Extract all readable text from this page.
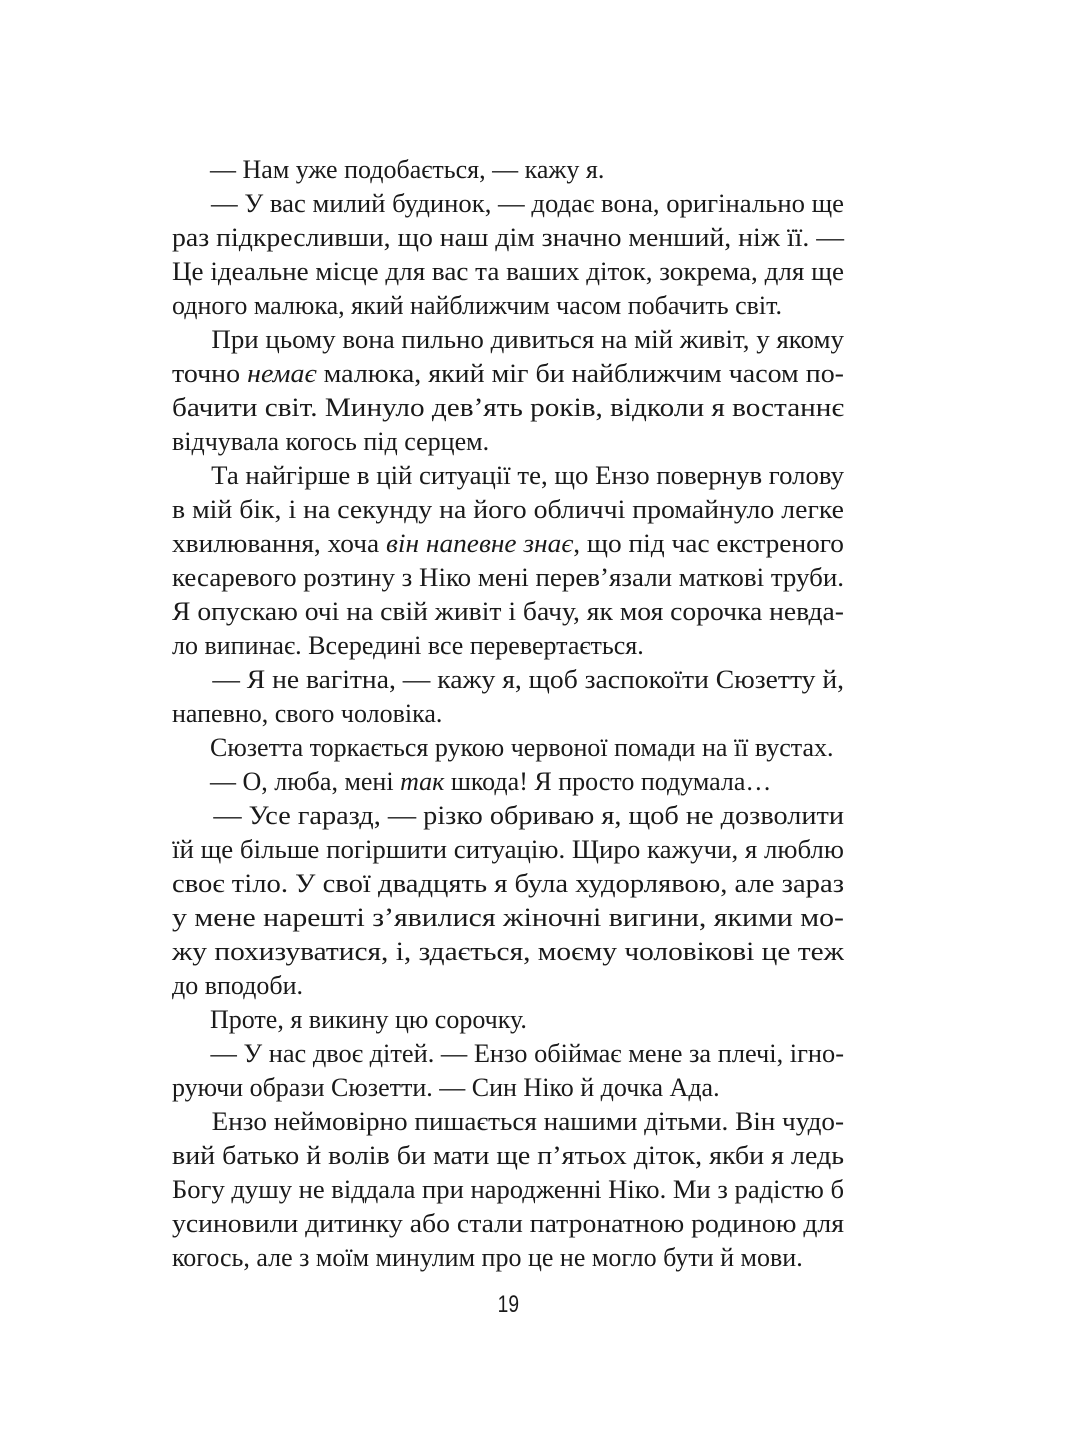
— Нам уже подобається, — кажу я.
— У вас милий будинок, — додає вона, оригінально ще
раз підкресливши, що наш дім значно менший, ніж її. —
Це ідеальне місце для вас та ваших діток, зокрема, для ще
одного малюка, який найближчим часом побачить світ.
При цьому вона пильно дивиться на мій живіт, у якому
точно немає малюка, який міг би найближчим часом по-
бачити світ. Минуло дев’ять років, відколи я востаннє
відчувала когось під серцем.
Та найгірше в цій ситуації те, що Ензо повернув голову
в мій бік, і на секунду на його обличчі промайнуло легке
хвилювання, хоча він напевне знає, що під час екстреного
кесаревого розтину з Ніко мені перев’язали маткові труби.
Я опускаю очі на свій живіт і бачу, як моя сорочка невда-
ло випинає. Всередині все перевертається.
— Я не вагітна, — кажу я, щоб заспокоїти Сюзетту й,
напевно, свого чоловіка.
Сюзетта торкається рукою червоної помади на її вустах.
— О, люба, мені так шкода! Я просто подумала…
— Усе гаразд, — різко обриваю я, щоб не дозволити
їй ще більше погіршити ситуацію. Щиро кажучи, я люблю
своє тіло. У свої двадцять я була худорлявою, але зараз
у мене нарешті з’явилися жіночні вигини, якими мо-
жу похизуватися, і, здається, моєму чоловікові це теж
до вподоби.
Проте, я викину цю сорочку.
— У нас двоє дітей. — Ензо обіймає мене за плечі, ігно-
руючи образи Сюзетти. — Син Ніко й дочка Ада.
Ензо неймовірно пишається нашими дітьми. Він чудо-
вий батько й волів би мати ще п’ятьох діток, якби я ледь
Богу душу не віддала при народженні Ніко. Ми з радістю б
усиновили дитинку або стали патронатною родиною для
когось, але з моїм минулим про це не могло бути й мови.
19
